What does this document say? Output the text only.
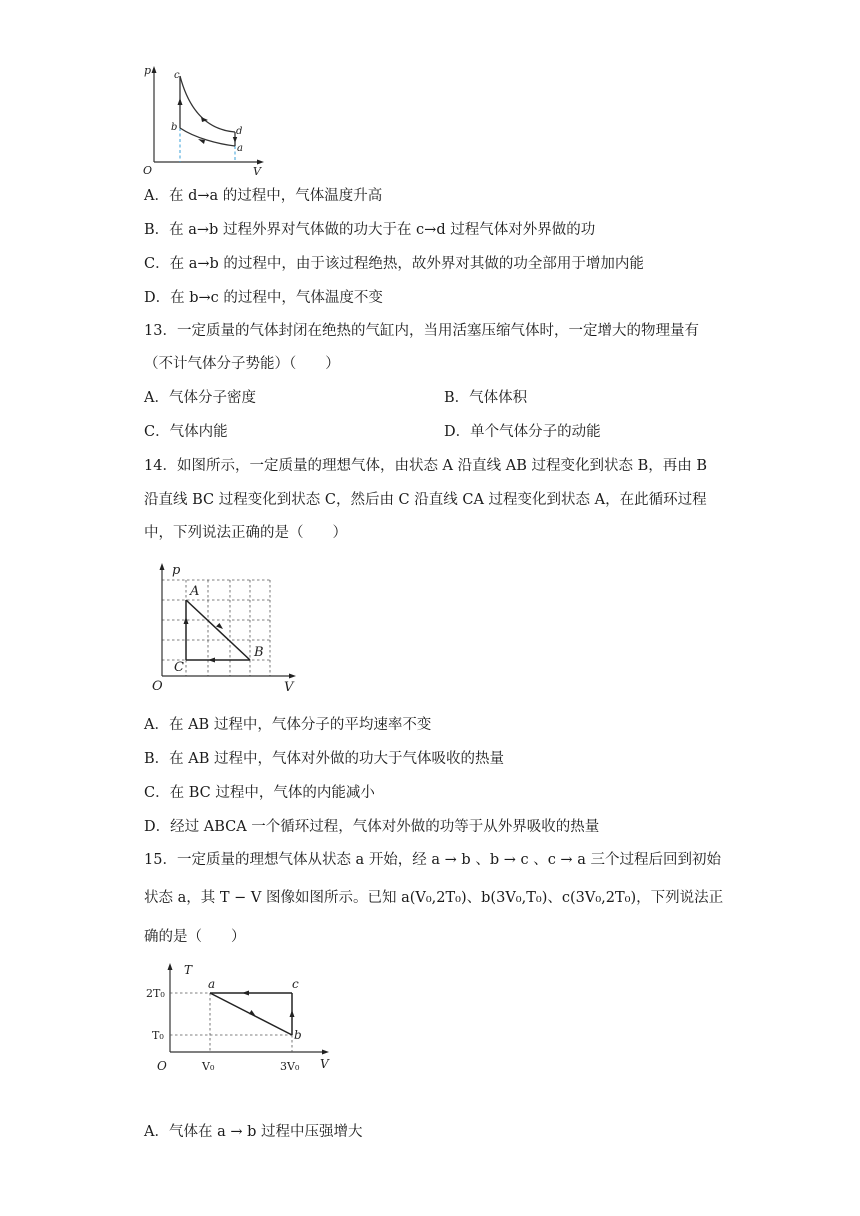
p
V
O
c
b	d
a
A．在 d→a 的过程中，气体温度升高
B．在 a→b 过程外界对气体做的功大于在 c→d 过程气体对外界做的功
C．在 a→b 的过程中，由于该过程绝热，故外界对其做的功全部用于增加内能
D．在 b→c 的过程中，气体温度不变
13．一定质量的气体封闭在绝热的气缸内，当用活塞压缩气体时，一定增大的物理量有
（不计气体分子势能）（　　）
A．气体分子密度	B．气体体积
C．气体内能	D．单个气体分子的动能
14．如图所示，一定质量的理想气体，由状态 A 沿直线 AB 过程变化到状态 B，再由 B
沿直线 BC 过程变化到状态 C，然后由 C 沿直线 CA 过程变化到状态 A，在此循环过程
中，下列说法正确的是（　　）
p
V
O
A
B
C
A．在 AB 过程中，气体分子的平均速率不变
B．在 AB 过程中，气体对外做的功大于气体吸收的热量
C．在 BC 过程中，气体的内能减小
D．经过 ABCA 一个循环过程，气体对外做的功等于从外界吸收的热量
15．一定质量的理想气体从状态 a 开始，经 a → b 、b → c 、c → a 三个过程后回到初始
状态 a，其 T − V 图像如图所示。已知 a(V₀,2T₀)、b(3V₀,T₀)、c(3V₀,2T₀)，下列说法正
确的是（　　）
T
V
O
2T₀
T₀
V₀	3V₀
a
b
c
A．气体在 a → b 过程中压强增大
